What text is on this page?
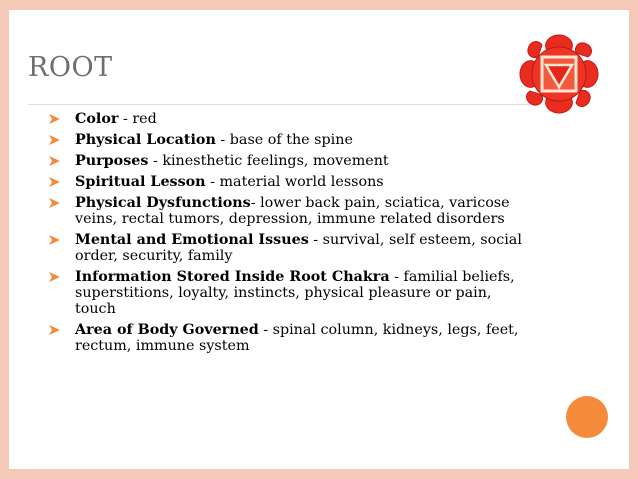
ROOT
Color - red
Physical Location - base of the spine
Purposes - kinesthetic feelings, movement
Spiritual Lesson - material world lessons
Physical Dysfunctions- lower back pain, sciatica, varicose veins, rectal tumors, depression, immune related disorders
Mental and Emotional Issues - survival, self esteem, social order, security, family
Information Stored Inside Root Chakra - familial beliefs, superstitions, loyalty, instincts, physical pleasure or pain, touch
Area of Body Governed - spinal column, kidneys, legs, feet, rectum, immune system
